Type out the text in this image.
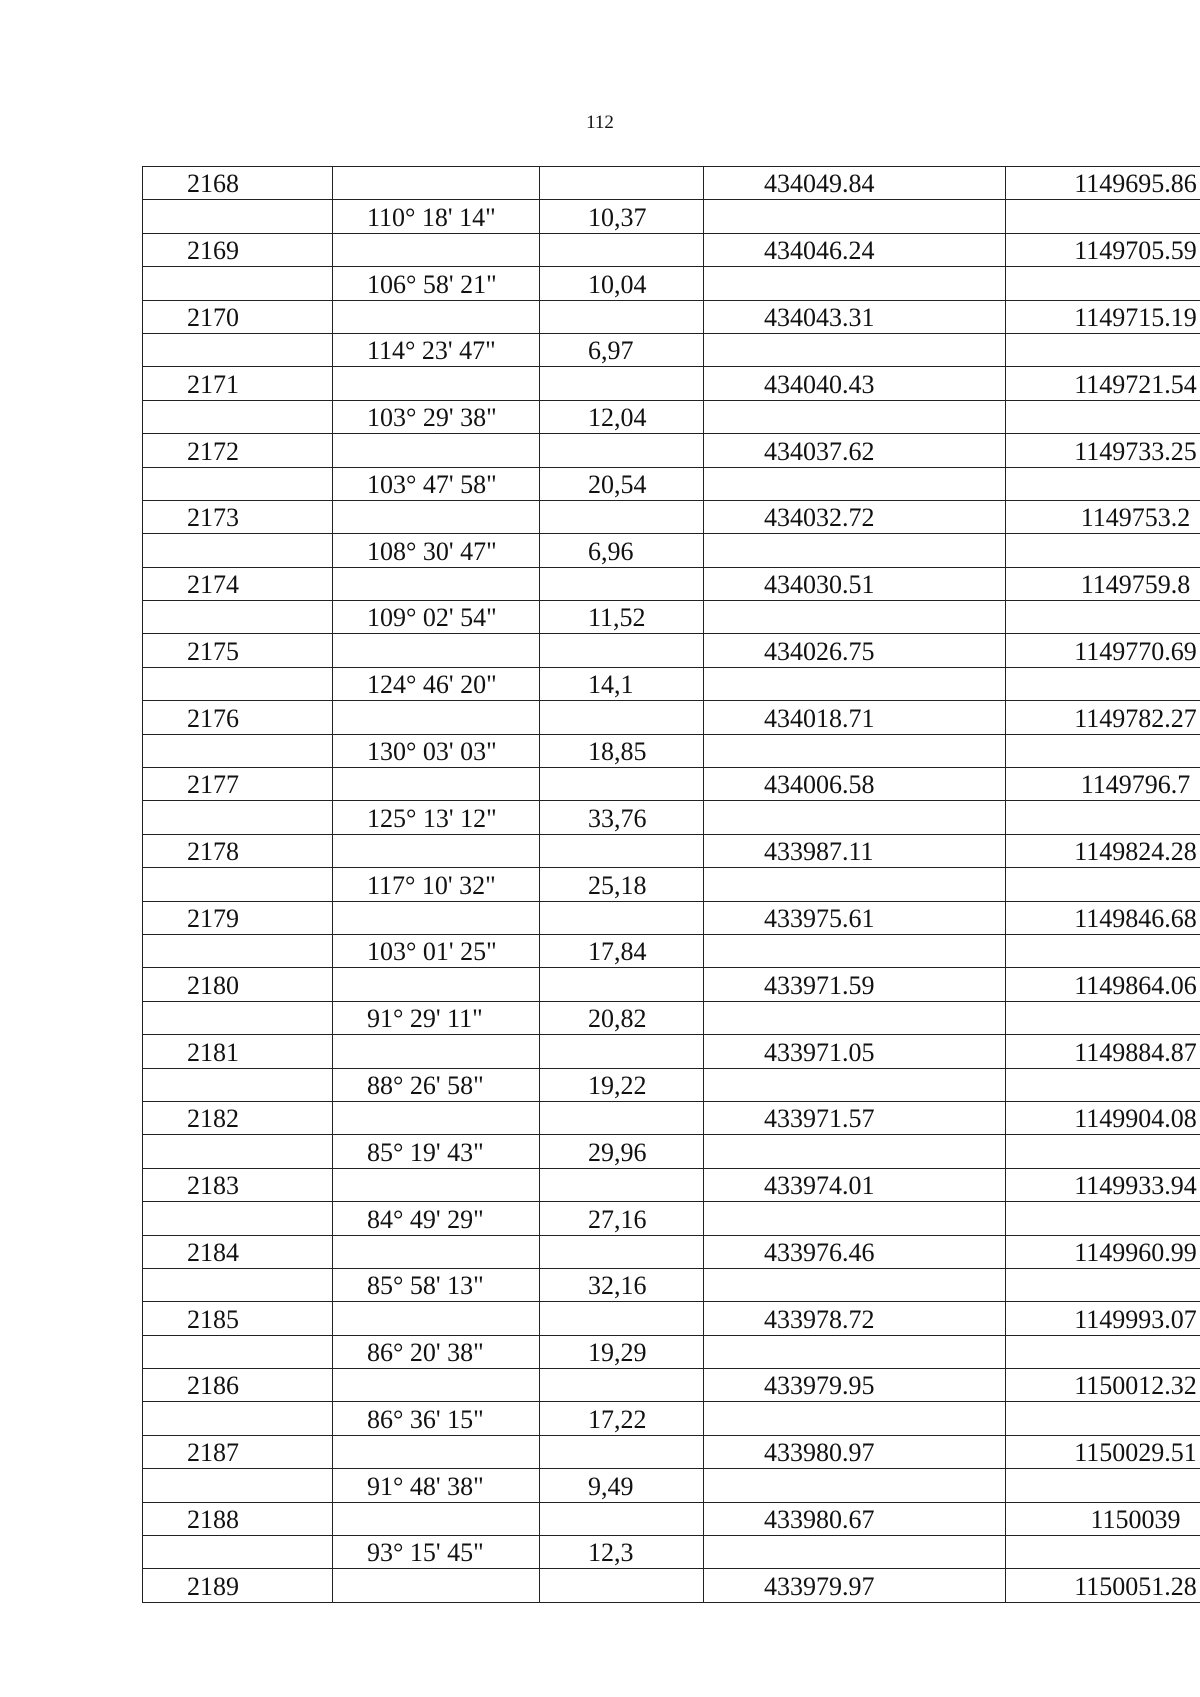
112
2168			434049.84	1149695.86
	110° 18' 14"	10,37		
2169			434046.24	1149705.59
	106° 58' 21"	10,04		
2170			434043.31	1149715.19
	114° 23' 47"	6,97		
2171			434040.43	1149721.54
	103° 29' 38"	12,04		
2172			434037.62	1149733.25
	103° 47' 58"	20,54		
2173			434032.72	1149753.2
	108° 30' 47"	6,96		
2174			434030.51	1149759.8
	109° 02' 54"	11,52		
2175			434026.75	1149770.69
	124° 46' 20"	14,1		
2176			434018.71	1149782.27
	130° 03' 03"	18,85		
2177			434006.58	1149796.7
	125° 13' 12"	33,76		
2178			433987.11	1149824.28
	117° 10' 32"	25,18		
2179			433975.61	1149846.68
	103° 01' 25"	17,84		
2180			433971.59	1149864.06
	91° 29' 11"	20,82		
2181			433971.05	1149884.87
	88° 26' 58"	19,22		
2182			433971.57	1149904.08
	85° 19' 43"	29,96		
2183			433974.01	1149933.94
	84° 49' 29"	27,16		
2184			433976.46	1149960.99
	85° 58' 13"	32,16		
2185			433978.72	1149993.07
	86° 20' 38"	19,29		
2186			433979.95	1150012.32
	86° 36' 15"	17,22		
2187			433980.97	1150029.51
	91° 48' 38"	9,49		
2188			433980.67	1150039
	93° 15' 45"	12,3		
2189			433979.97	1150051.28
